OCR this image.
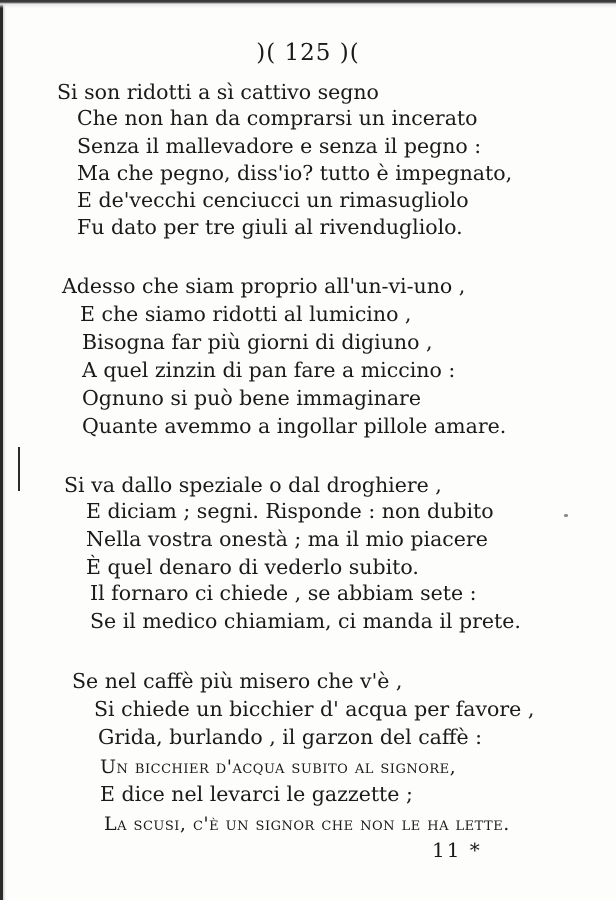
)( 125 )(
Si son ridotti a sì cattivo segno
Che non han da comprarsi un incerato
Senza il mallevadore e senza il pegno :
Ma che pegno, diss'io? tutto è impegnato,
E de'vecchi cenciucci un rimasugliolo
Fu dato per tre giuli al rivendugliolo.
Adesso che siam proprio all'un-vi-uno ,
E che siamo ridotti al lumicino ,
Bisogna far più giorni di digiuno ,
A quel zinzin di pan fare a miccino :
Ognuno si può bene immaginare
Quante avemmo a ingollar pillole amare.
Si va dallo speziale o dal droghiere ,
E diciam ; segni. Risponde : non dubito
Nella vostra onestà ; ma il mio piacere
È quel denaro di vederlo subito.
Il fornaro ci chiede , se abbiam sete :
Se il medico chiamiam, ci manda il prete.
Se nel caffè più misero che v'è ,
Si chiede un bicchier d' acqua per favore ,
Grida, burlando , il garzon del caffè :
Un bicchier d'acqua subito al signore,
E dice nel levarci le gazzette ;
La scusi, c'è un signor che non le ha lette.
11 *
